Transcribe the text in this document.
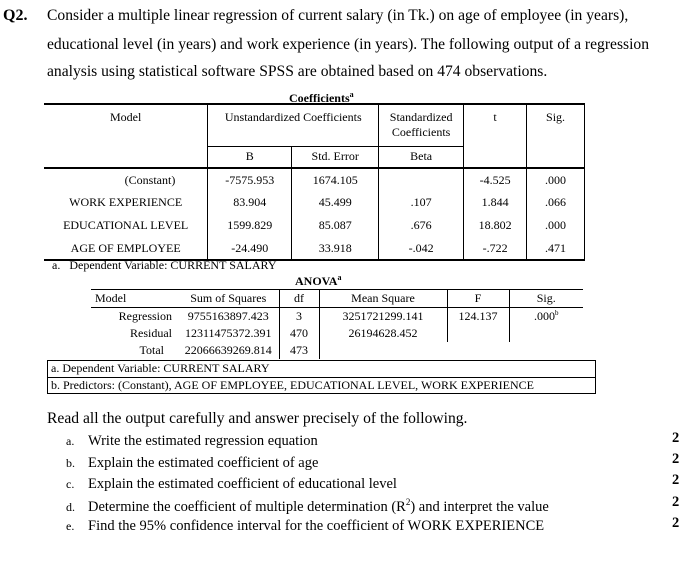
Q2. Consider a multiple linear regression of current salary (in Tk.) on age of employee (in years),
educational level (in years) and work experience (in years). The following output of a regression
analysis using statistical software SPSS are obtained based on 474 observations.
Coefficients$^a$
Model	Unstandardized Coefficients		Standardized Coefficients	t	Sig.
	B	Std. Error	Beta		
(Constant)	-7575.953	1674.105		-4.525	.000
WORK EXPERIENCE	83.904	45.499	.107	1.844	.066
EDUCATIONAL LEVEL	1599.829	85.087	.676	18.802	.000
AGE OF EMPLOYEE	-24.490	33.918	-.042	-.722	.471
a. Dependent Variable: CURRENT SALARY
ANOVA$^a$
Model	Sum of Squares	df	Mean Square	F	Sig.
Regression	9755163897.423	3	3251721299.141	124.137	.000$^b$
Residual	12311475372.391	470	26194628.452		
Total	22066639269.814	473			
a. Dependent Variable: CURRENT SALARY
b. Predictors: (Constant), AGE OF EMPLOYEE, EDUCATIONAL LEVEL, WORK EXPERIENCE
Read all the output carefully and answer precisely of the following.
a. Write the estimated regression equation
b. Explain the estimated coefficient of age
c. Explain the estimated coefficient of educational level
d. Determine the coefficient of multiple determination $(R^2)$ and interpret the value
e. Find the 95% confidence interval for the coefficient of WORK EXPERIENCE
2
2
2
2
2
